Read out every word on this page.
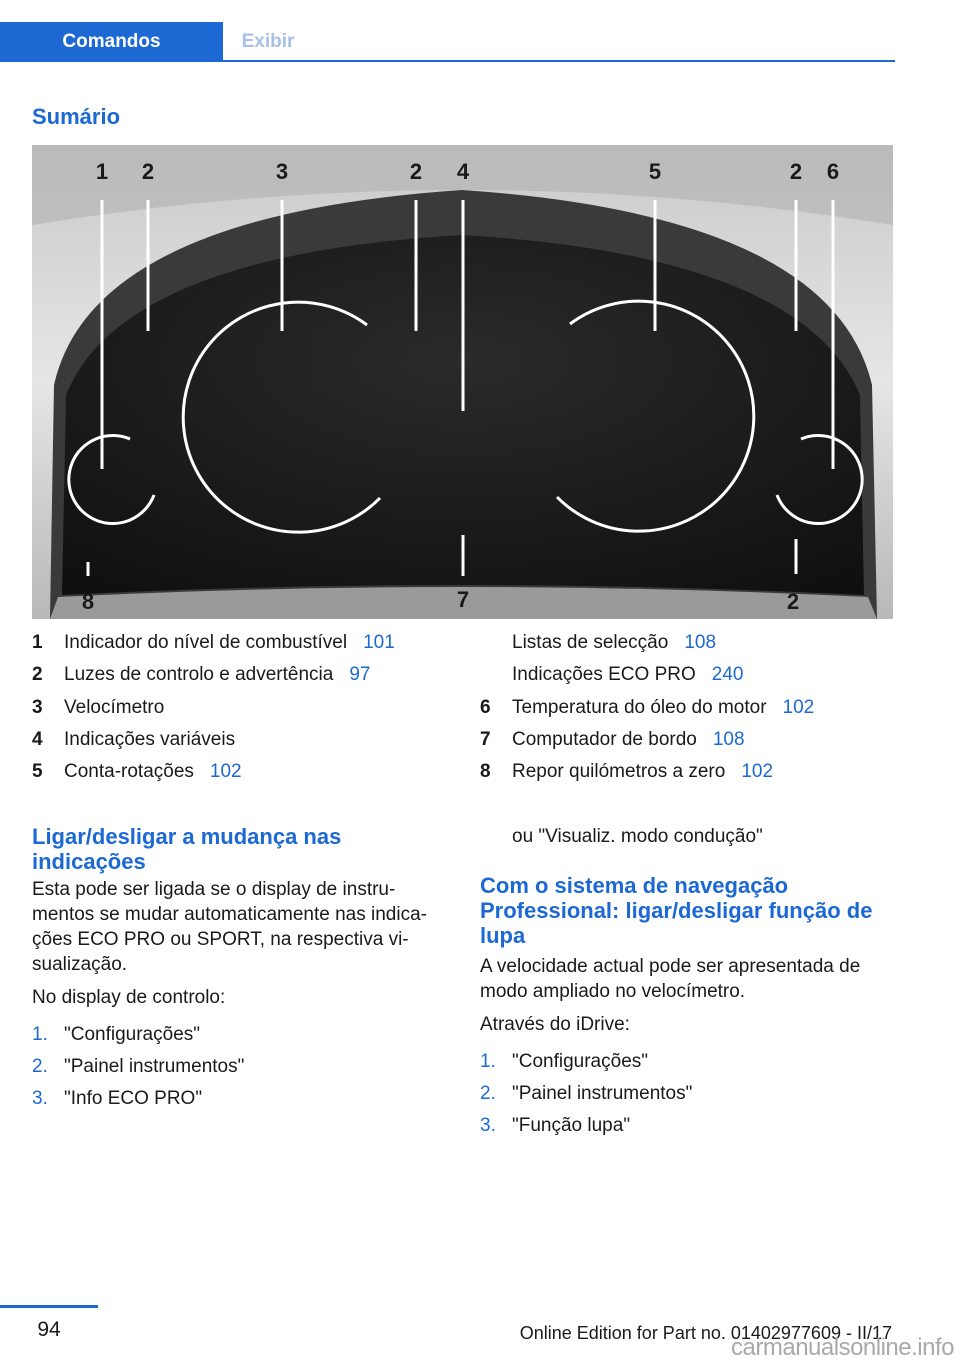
Comandos	Exibir
Sumário
1 2	3	2 4	5	2 6
8	7	2
1	Indicador do nível de combustível 101
2	Luzes de controlo e advertência 97
3	Velocímetro
4	Indicações variáveis
5	Conta-rotações 102
Listas de selecção 108
Indicações ECO PRO 240
6	Temperatura do óleo do motor 102
7	Computador de bordo 108
8	Repor quilómetros a zero 102
Ligar/desligar a mudança nas indicações
Esta pode ser ligada se o display de instrumentos se mudar automaticamente nas indicações ECO PRO ou SPORT, na respectiva visualização.
No display de controlo:
1. "Configurações"
2. "Painel instrumentos"
3. "Info ECO PRO"
ou "Visualiz. modo condução"
Com o sistema de navegação Professional: ligar/desligar função de lupa
A velocidade actual pode ser apresentada de modo ampliado no velocímetro.
Através do iDrive:
1. "Configurações"
2. "Painel instrumentos"
3. "Função lupa"
94	Online Edition for Part no. 01402977609 - II/17
carmanualsonline.info
